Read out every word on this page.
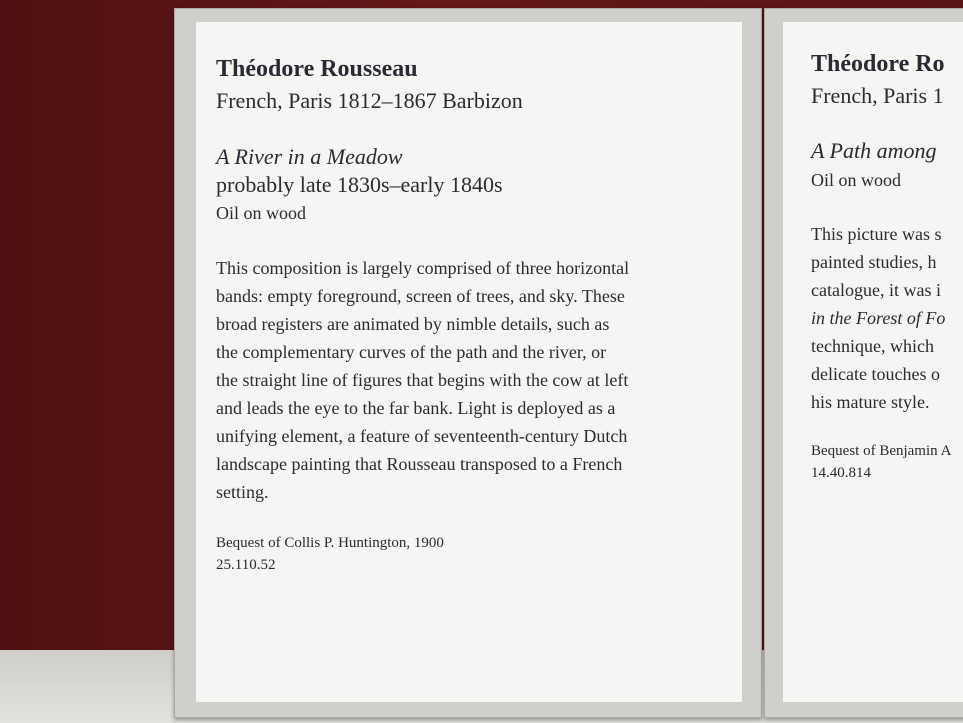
Théodore Rousseau
French, Paris 1812–1867 Barbizon
A River in a Meadow
probably late 1830s–early 1840s
Oil on wood
This composition is largely comprised of three horizontal
bands: empty foreground, screen of trees, and sky. These
broad registers are animated by nimble details, such as
the complementary curves of the path and the river, or
the straight line of figures that begins with the cow at left
and leads the eye to the far bank. Light is deployed as a
unifying element, a feature of seventeenth-century Dutch
landscape painting that Rousseau transposed to a French
setting.
Bequest of Collis P. Huntington, 1900
25.110.52
Théodore Ro
French, Paris 1
A Path among
Oil on wood
This picture was s
painted studies, h
catalogue, it was i
in the Forest of Fo
technique, which
delicate touches o
his mature style.
Bequest of Benjamin A
14.40.814
